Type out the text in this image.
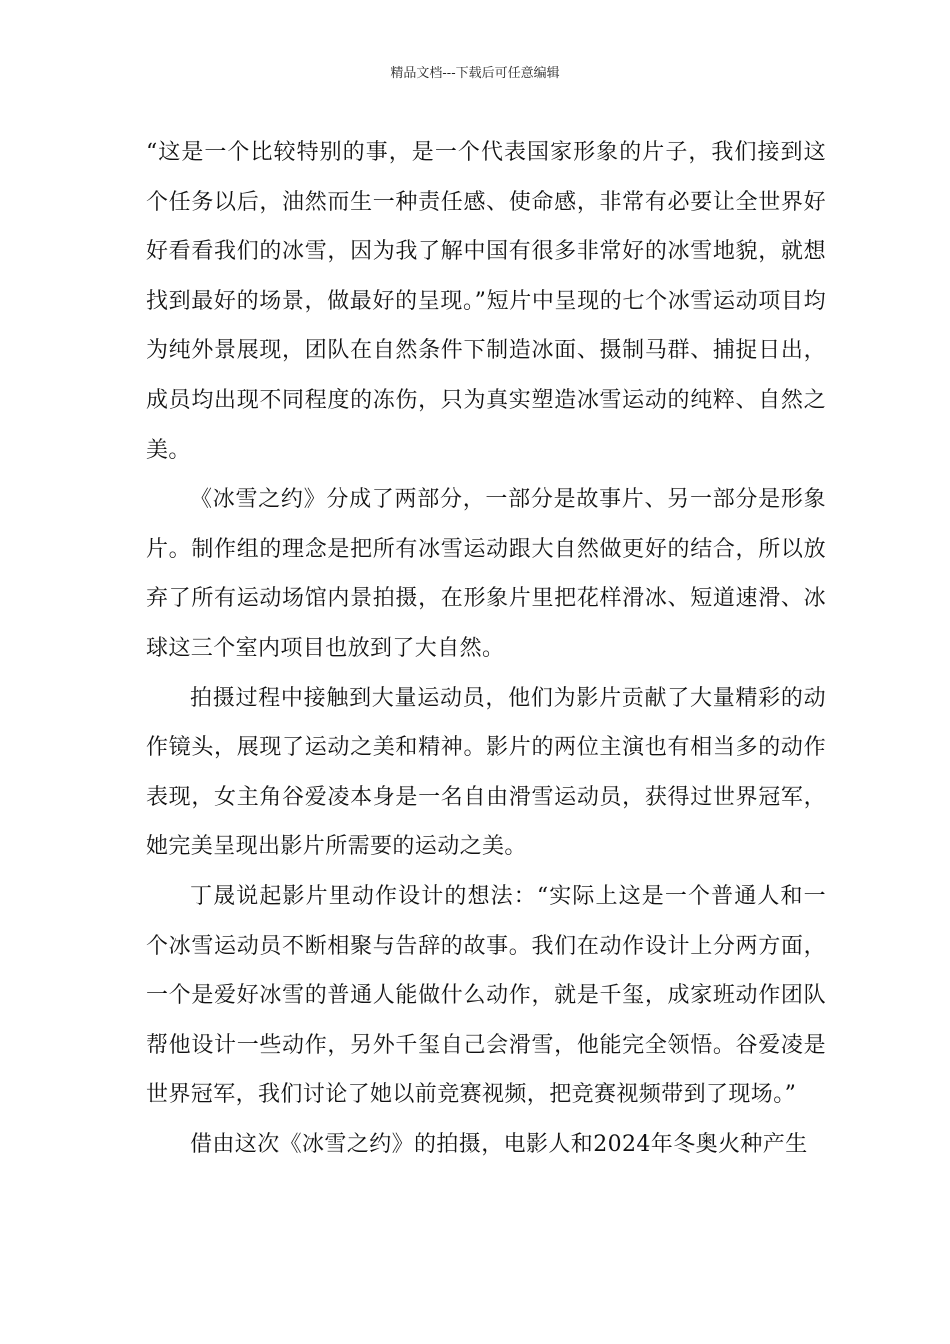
精品文档---下载后可任意编辑

“这是一个比较特别的事，是一个代表国家形象的片子，我们接到这个任务以后，油然而生一种责任感、使命感，非常有必要让全世界好好看看我们的冰雪，因为我了解中国有很多非常好的冰雪地貌，就想找到最好的场景，做最好的呈现。”短片中呈现的七个冰雪运动项目均为纯外景展现，团队在自然条件下制造冰面、摄制马群、捕捉日出，成员均出现不同程度的冻伤，只为真实塑造冰雪运动的纯粹、自然之美。

《冰雪之约》分成了两部分，一部分是故事片、另一部分是形象片。制作组的理念是把所有冰雪运动跟大自然做更好的结合，所以放弃了所有运动场馆内景拍摄，在形象片里把花样滑冰、短道速滑、冰球这三个室内项目也放到了大自然。

拍摄过程中接触到大量运动员，他们为影片贡献了大量精彩的动作镜头，展现了运动之美和精神。影片的两位主演也有相当多的动作表现，女主角谷爱凌本身是一名自由滑雪运动员，获得过世界冠军，她完美呈现出影片所需要的运动之美。

丁晟说起影片里动作设计的想法：“实际上这是一个普通人和一个冰雪运动员不断相聚与告辞的故事。我们在动作设计上分两方面，一个是爱好冰雪的普通人能做什么动作，就是千玺，成家班动作团队帮他设计一些动作，另外千玺自己会滑雪，他能完全领悟。谷爱凌是世界冠军，我们讨论了她以前竞赛视频，把竞赛视频带到了现场。”

借由这次《冰雪之约》的拍摄，电影人和2024年冬奥火种产生
